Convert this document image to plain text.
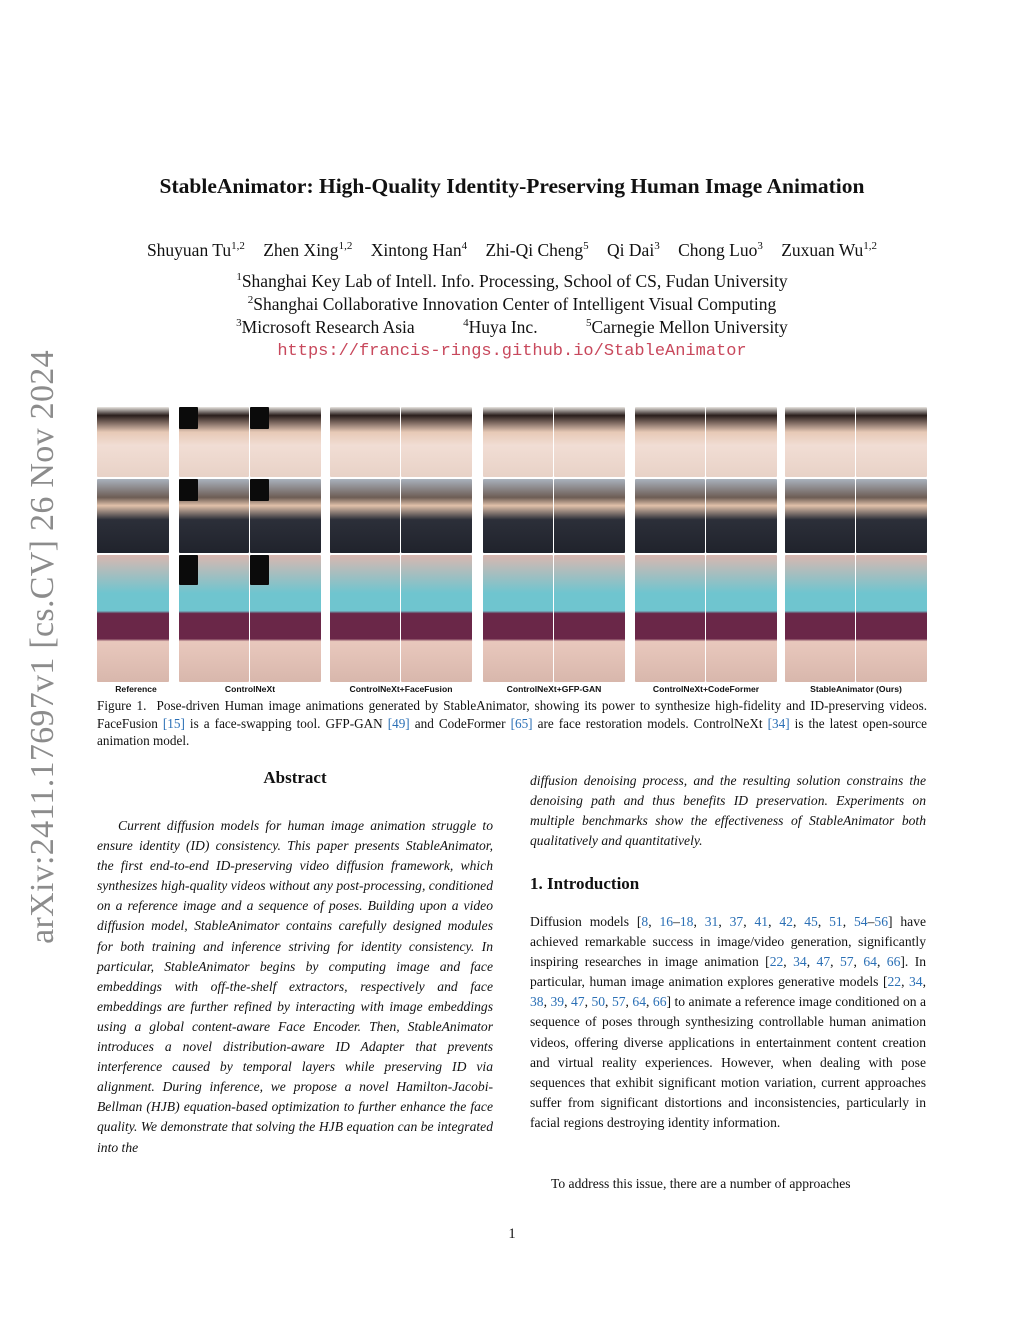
arXiv:2411.17697v1 [cs.CV] 26 Nov 2024
StableAnimator: High-Quality Identity-Preserving Human Image Animation
Shuyuan Tu$^{1,2}$ Zhen Xing$^{1,2}$ Xintong Han$^4$ Zhi-Qi Cheng$^5$ Qi Dai$^3$ Chong Luo$^3$ Zuxuan Wu$^{1,2}$
$^1$Shanghai Key Lab of Intell. Info. Processing, School of CS, Fudan University
$^2$Shanghai Collaborative Innovation Center of Intelligent Visual Computing
$^3$Microsoft Research Asia	$^4$Huya Inc.	$^5$Carnegie Mellon University
https://francis-rings.github.io/StableAnimator
Reference	ControlNeXt	ControlNeXt+FaceFusion	ControlNeXt+GFP-GAN	ControlNeXt+CodeFormer	StableAnimator (Ours)
Figure 1. Pose-driven Human image animations generated by StableAnimator, showing its power to synthesize high-fidelity and ID-preserving videos. FaceFusion [15] is a face-swapping tool. GFP-GAN [49] and CodeFormer [65] are face restoration models. ControlNeXt [34] is the latest open-source animation model.
Abstract
Current diffusion models for human image animation struggle to ensure identity (ID) consistency. This paper presents StableAnimator, the first end-to-end ID-preserving video diffusion framework, which synthesizes high-quality videos without any post-processing, conditioned on a reference image and a sequence of poses. Building upon a video diffusion model, StableAnimator contains carefully designed modules for both training and inference striving for identity consistency. In particular, StableAnimator begins by computing image and face embeddings with off-the-shelf extractors, respectively and face embeddings are further refined by interacting with image embeddings using a global content-aware Face Encoder. Then, StableAnimator introduces a novel distribution-aware ID Adapter that prevents interference caused by temporal layers while preserving ID via alignment. During inference, we propose a novel Hamilton-Jacobi-Bellman (HJB) equation-based optimization to further enhance the face quality. We demonstrate that solving the HJB equation can be integrated into the
diffusion denoising process, and the resulting solution constrains the denoising path and thus benefits ID preservation. Experiments on multiple benchmarks show the effectiveness of StableAnimator both qualitatively and quantitatively.
1. Introduction
Diffusion models [8, 16–18, 31, 37, 41, 42, 45, 51, 54–56] have achieved remarkable success in image/video generation, significantly inspiring researches in image animation [22, 34, 47, 57, 64, 66]. In particular, human image animation explores generative models [22, 34, 38, 39, 47, 50, 57, 64, 66] to animate a reference image conditioned on a sequence of poses through synthesizing controllable human animation videos, offering diverse applications in entertainment content creation and virtual reality experiences. However, when dealing with pose sequences that exhibit significant motion variation, current approaches suffer from significant distortions and inconsistencies, particularly in facial regions destroying identity information.
To address this issue, there are a number of approaches
1
